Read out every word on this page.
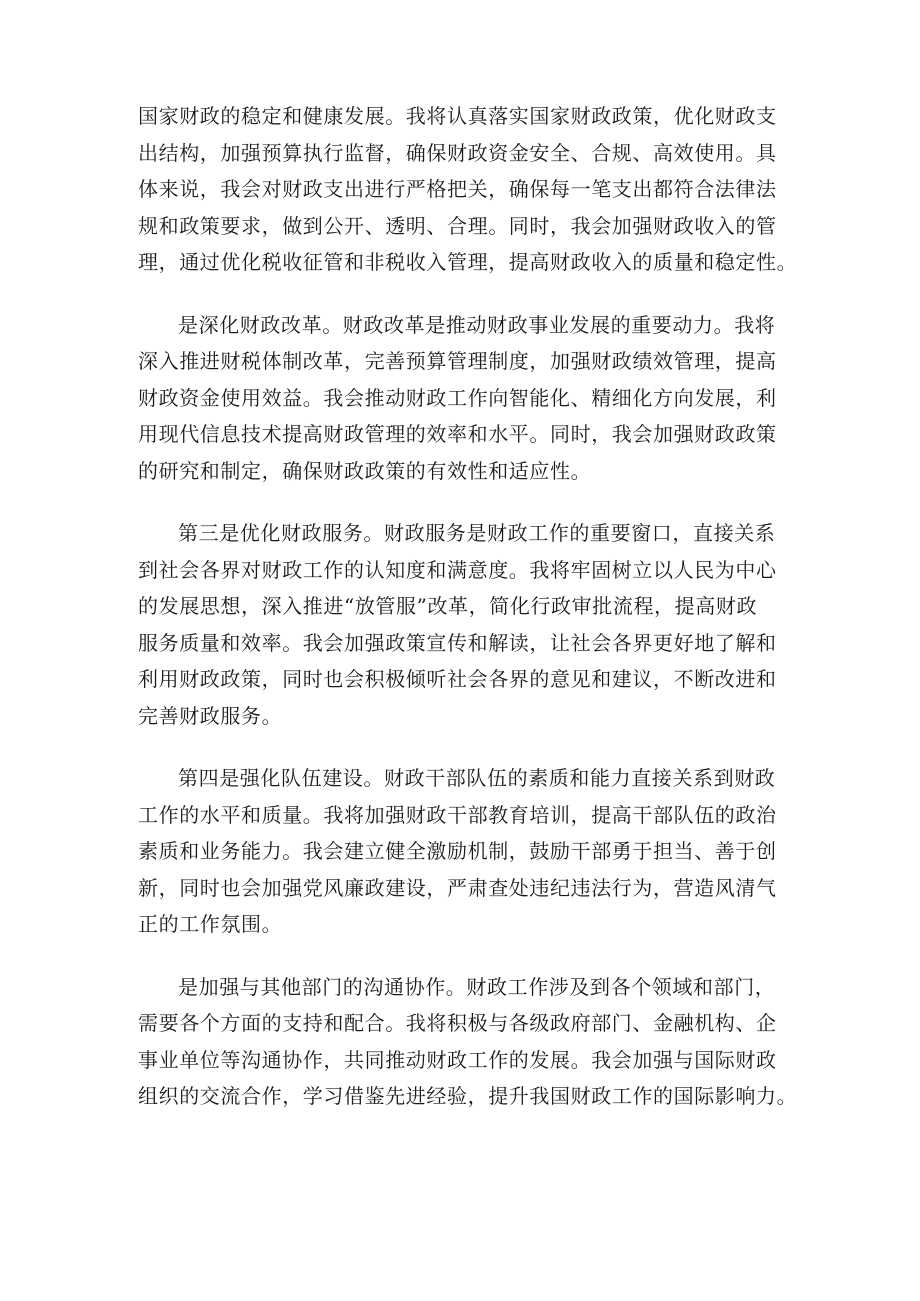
国家财政的稳定和健康发展。我将认真落实国家财政政策，优化财政支
出结构，加强预算执行监督，确保财政资金安全、合规、高效使用。具
体来说，我会对财政支出进行严格把关，确保每一笔支出都符合法律法
规和政策要求，做到公开、透明、合理。同时，我会加强财政收入的管
理，通过优化税收征管和非税收入管理，提高财政收入的质量和稳定性。
是深化财政改革。财政改革是推动财政事业发展的重要动力。我将
深入推进财税体制改革，完善预算管理制度，加强财政绩效管理，提高
财政资金使用效益。我会推动财政工作向智能化、精细化方向发展，利
用现代信息技术提高财政管理的效率和水平。同时，我会加强财政政策
的研究和制定，确保财政政策的有效性和适应性。
第三是优化财政服务。财政服务是财政工作的重要窗口，直接关系
到社会各界对财政工作的认知度和满意度。我将牢固树立以人民为中心
的发展思想，深入推进“放管服”改革，简化行政审批流程，提高财政
服务质量和效率。我会加强政策宣传和解读，让社会各界更好地了解和
利用财政政策，同时也会积极倾听社会各界的意见和建议，不断改进和
完善财政服务。
第四是强化队伍建设。财政干部队伍的素质和能力直接关系到财政
工作的水平和质量。我将加强财政干部教育培训，提高干部队伍的政治
素质和业务能力。我会建立健全激励机制，鼓励干部勇于担当、善于创
新，同时也会加强党风廉政建设，严肃查处违纪违法行为，营造风清气
正的工作氛围。
是加强与其他部门的沟通协作。财政工作涉及到各个领域和部门，
需要各个方面的支持和配合。我将积极与各级政府部门、金融机构、企
事业单位等沟通协作，共同推动财政工作的发展。我会加强与国际财政
组织的交流合作，学习借鉴先进经验，提升我国财政工作的国际影响力。
